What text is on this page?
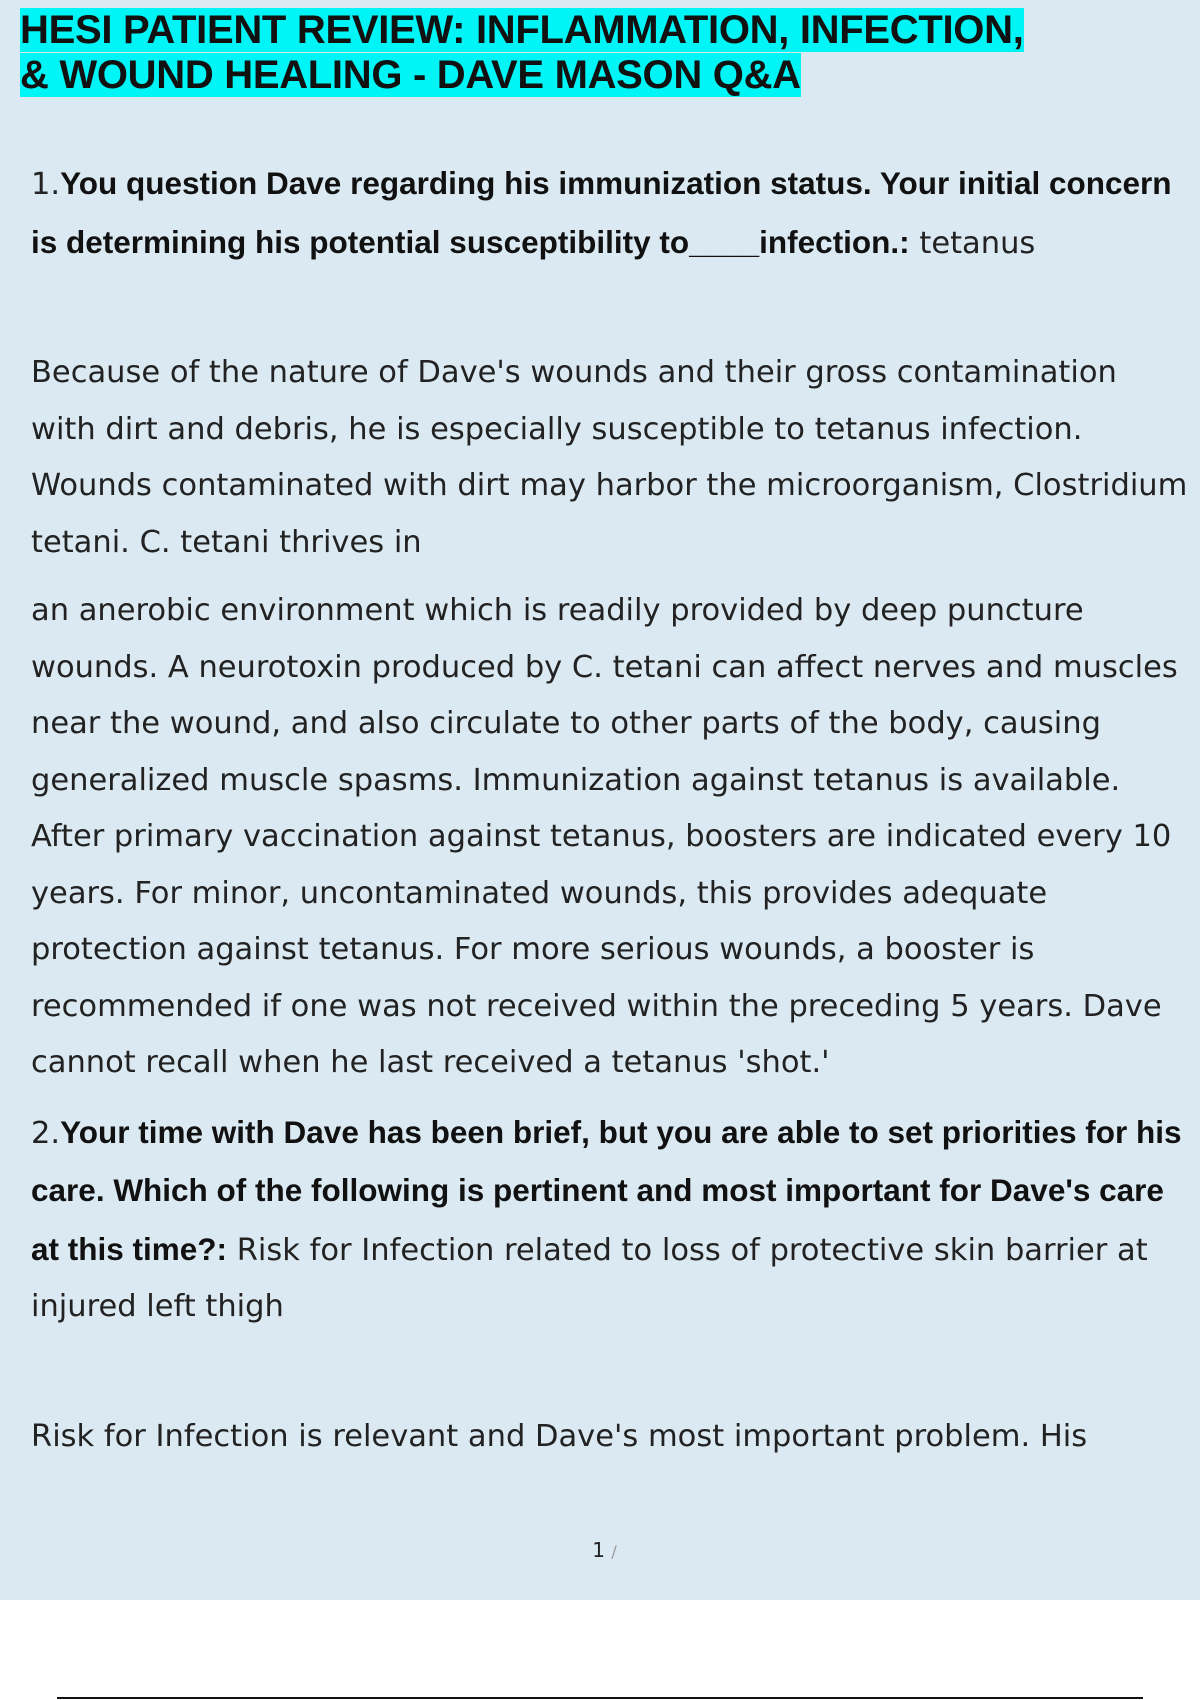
HESI PATIENT REVIEW: INFLAMMATION, INFECTION,
& WOUND HEALING - DAVE MASON Q&A

1.You question Dave regarding his immunization status. Your initial concern is determining his potential susceptibility to____infection.: tetanus

Because of the nature of Dave's wounds and their gross contamination with dirt and debris, he is especially susceptible to tetanus infection. Wounds contaminated with dirt may harbor the microorganism, Clostridium tetani. C. tetani thrives in

an anerobic environment which is readily provided by deep puncture wounds. A neurotoxin produced by C. tetani can affect nerves and muscles near the wound, and also circulate to other parts of the body, causing generalized muscle spasms. Immunization against tetanus is available. After primary vaccination against tetanus, boosters are indicated every 10 years. For minor, uncontaminated wounds, this provides adequate protection against tetanus. For more serious wounds, a booster is recommended if one was not received within the preceding 5 years. Dave cannot recall when he last received a tetanus 'shot.'

2.Your time with Dave has been brief, but you are able to set priorities for his care. Which of the following is pertinent and most important for Dave's care at this time?: Risk for Infection related to loss of protective skin barrier at injured left thigh

Risk for Infection is relevant and Dave's most important problem. His

1 /
